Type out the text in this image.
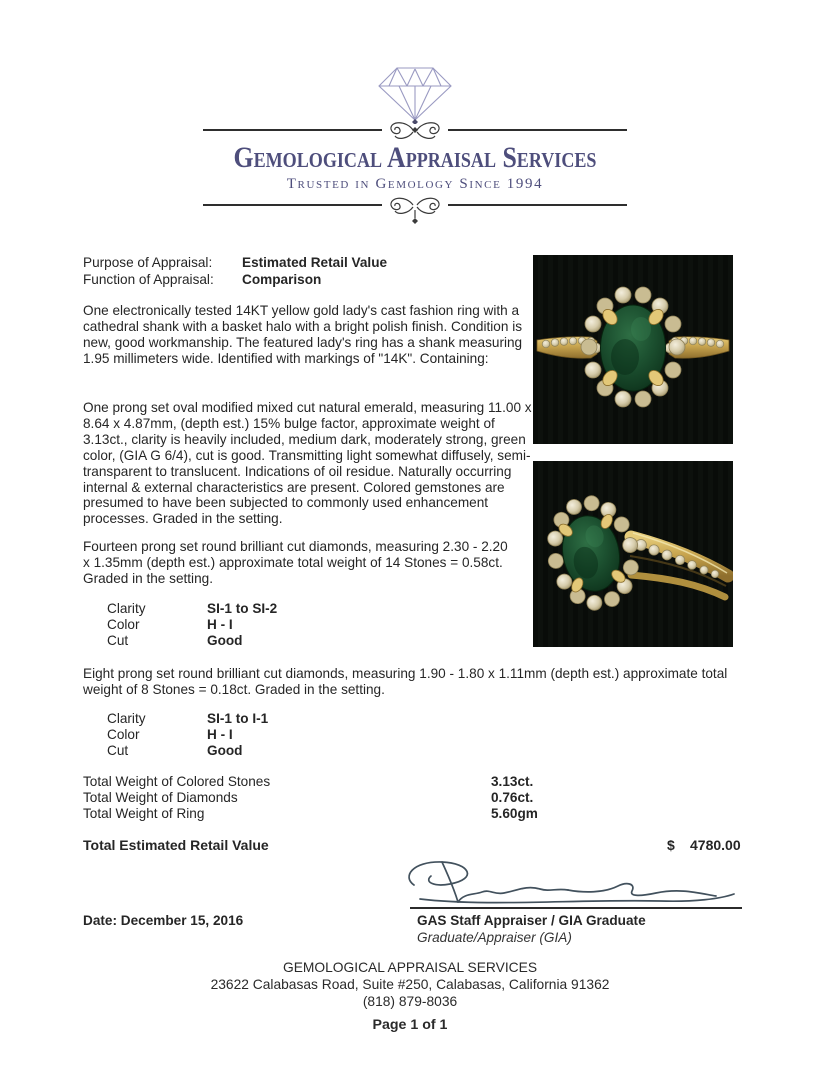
Gemological Appraisal Services
Trusted in Gemology Since 1994
Purpose of Appraisal: Estimated Retail Value
Function of Appraisal: Comparison

One electronically tested 14KT yellow gold lady's cast fashion ring with a cathedral shank with a basket halo with a bright polish finish. Condition is new, good workmanship. The featured lady's ring has a shank measuring 1.95 millimeters wide. Identified with markings of "14K". Containing:

One prong set oval modified mixed cut natural emerald, measuring 11.00 x 8.64 x 4.87mm, (depth est.) 15% bulge factor, approximate weight of 3.13ct., clarity is heavily included, medium dark, moderately strong, green color, (GIA G 6/4), cut is good. Transmitting light somewhat diffusely, semi-transparent to translucent. Indications of oil residue. Naturally occurring internal & external characteristics are present. Colored gemstones are presumed to have been subjected to commonly used enhancement processes. Graded in the setting.

Fourteen prong set round brilliant cut diamonds, measuring 2.30 - 2.20 x 1.35mm (depth est.) approximate total weight of 14 Stones = 0.58ct. Graded in the setting.

Clarity	SI-1 to SI-2
Color	H - I
Cut	Good

Eight prong set round brilliant cut diamonds, measuring 1.90 - 1.80 x 1.11mm (depth est.) approximate total weight of 8 Stones = 0.18ct. Graded in the setting.

Clarity	SI-1 to I-1
Color	H - I
Cut	Good
Total Weight of Colored Stones	3.13ct.
Total Weight of Diamonds	0.76ct.
Total Weight of Ring	5.60gm
Total Estimated Retail Value	$ 4780.00
GAS Staff Appraiser / GIA Graduate
Graduate/Appraiser (GIA)
Date: December 15, 2016
GEMOLOGICAL APPRAISAL SERVICES
23622 Calabasas Road, Suite #250, Calabasas, California 91362
(818) 879-8036
Page 1 of 1
